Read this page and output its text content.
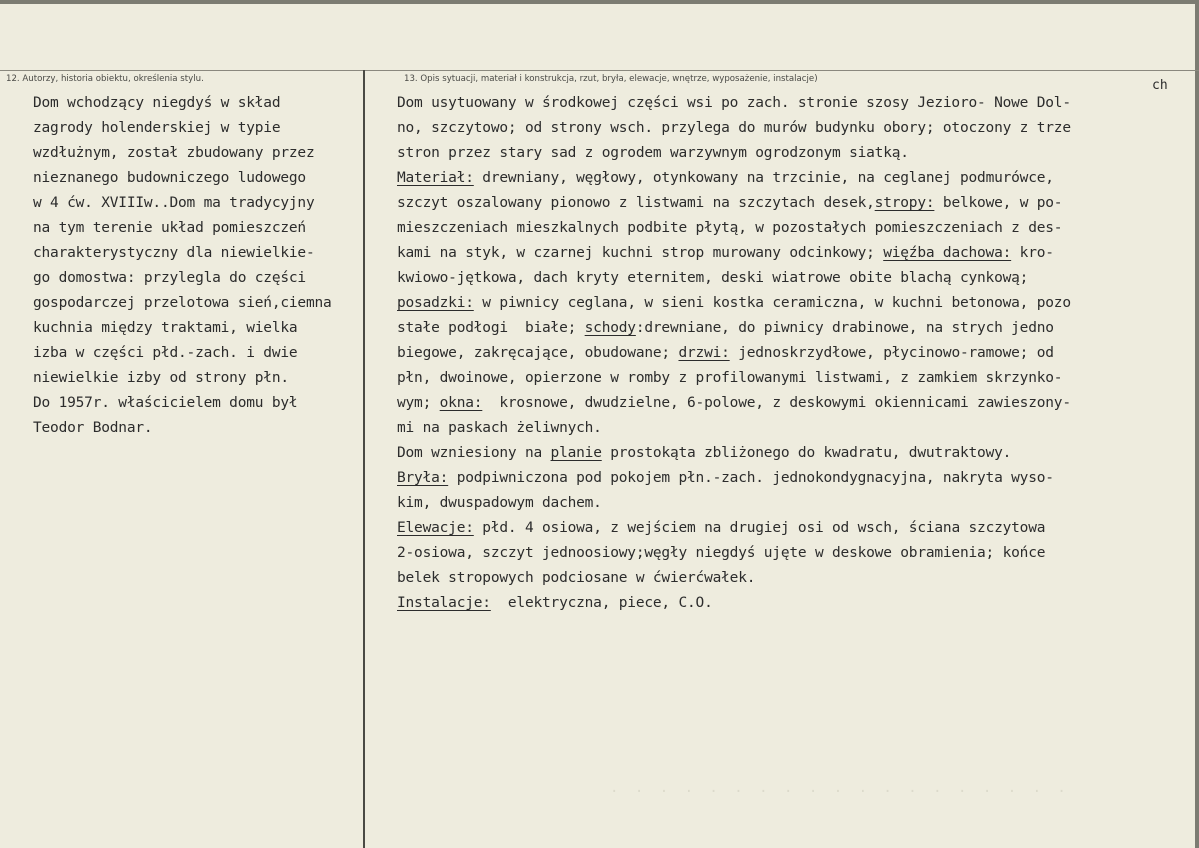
12. Autorzy, historia obiektu, określenia stylu.	13. Opis sytuacji, materiał i konstrukcja, rzut, bryła, elewacje, wnętrze, wyposażenie, instalacje)
Dom wchodzący niegdyś w skład
zagrody holenderskiej w typie
wzdłużnym, został zbudowany przez
nieznanego budowniczego ludowego
w 4 ćw. XVIIIw..Dom ma tradycyjny
na tym terenie układ pomieszczeń
charakterystyczny dla niewielkie-
go domostwa: przylegla do części
gospodarczej przelotowa sień,ciemna
kuchnia między traktami, wielka
izba w części płd.-zach. i dwie
niewielkie izby od strony płn.
Do 1957r. właścicielem domu był
Teodor Bodnar.
Dom usytuowany w środkowej części wsi po zach. stronie szosy Jezioro- Nowe Dol-
no, szczytowo; od strony wsch. przylega do murów budynku obory; otoczony z trze
stron przez stary sad z ogrodem warzywnym ogrodzonym siatką.
Materiał: drewniany, węgłowy, otynkowany na trzcinie, na ceglanej podmurówce,
szczyt oszalowany pionowo z listwami na szczytach desek,stropy: belkowe, w po-
mieszczeniach mieszkalnych podbite płytą, w pozostałych pomieszczeniach z des-
kami na styk, w czarnej kuchni strop murowany odcinkowy; więźba dachowa: kro-
kwiowo-jętkowa, dach kryty eternitem, deski wiatrowe obite blachą cynkową;
posadzki: w piwnicy ceglana, w sieni kostka ceramiczna, w kuchni betonowa, pozo
stałe podłogi  białe; schody:drewniane, do piwnicy drabinowe, na strych jedno
biegowe, zakręcające, obudowane; drzwi: jednoskrzydłowe, płycinowo-ramowe; od
płn, dwoinowe, opierzone w romby z profilowanymi listwami, z zamkiem skrzynko-
wym; okna:  krosnowe, dwudzielne, 6-polowe, z deskowymi okiennicami zawieszony-
mi na paskach żeliwnych.
Dom wzniesiony na planie prostokąta zbliżonego do kwadratu, dwutraktowy.
Bryła: podpiwniczona pod pokojem płn.-zach. jednokondygnacyjna, nakryta wyso-
kim, dwuspadowym dachem.
Elewacje: płd. 4 osiowa, z wejściem na drugiej osi od wsch, ściana szczytowa
2-osiowa, szczyt jednoosiowy;węgły niegdyś ujęte w deskowe obramienia; końce
belek stropowych podciosane w ćwierćwałek.
Instalacje:  elektryczna, piece, C.O.
ch
· · · · · · · · · · · · · · · · · · ·
